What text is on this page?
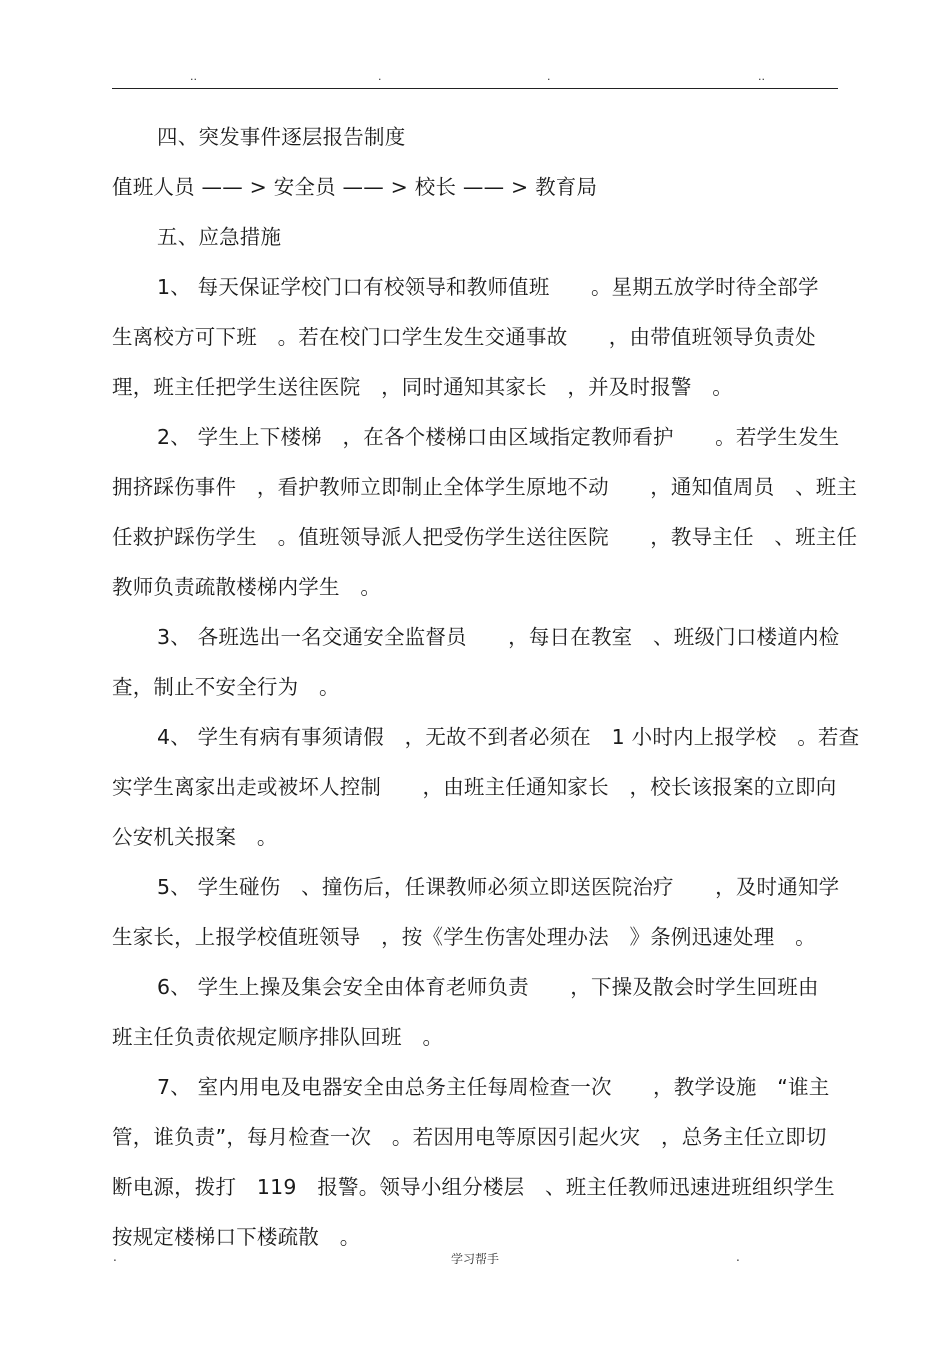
..	.	.	..

四、突发事件逐层报告制度

值班人员 —— > 安全员 —— > 校长 —— > 教育局

五、应急措施

1、 每天保证学校门口有校领导和教师值班　　。星期五放学时待全部学

生离校方可下班　。若在校门口学生发生交通事故　　，由带值班领导负责处

理，班主任把学生送往医院　，同时通知其家长　，并及时报警　。

2、 学生上下楼梯　，在各个楼梯口由区域指定教师看护　　。若学生发生

拥挤踩伤事件　，看护教师立即制止全体学生原地不动　　，通知值周员　、班主

任救护踩伤学生　。值班领导派人把受伤学生送往医院　　，教导主任　、班主任

教师负责疏散楼梯内学生　。

3、 各班选出一名交通安全监督员　　，每日在教室　、班级门口楼道内检

查，制止不安全行为　。

4、 学生有病有事须请假　，无故不到者必须在　1 小时内上报学校　。若查

实学生离家出走或被坏人控制　　，由班主任通知家长　，校长该报案的立即向

公安机关报案　。

5、 学生碰伤　、撞伤后，任课教师必须立即送医院治疗　　，及时通知学

生家长，上报学校值班领导　，按《学生伤害处理办法　》条例迅速处理　。

6、 学生上操及集会安全由体育老师负责　　，下操及散会时学生回班由

班主任负责依规定顺序排队回班　。

7、 室内用电及电器安全由总务主任每周检查一次　　，教学设施　“谁主

管，谁负责”，每月检查一次　。若因用电等原因引起火灾　，总务主任立即切

断电源，拨打　119　报警。领导小组分楼层　、班主任教师迅速进班组织学生

按规定楼梯口下楼疏散　。

.	学习帮手	.
